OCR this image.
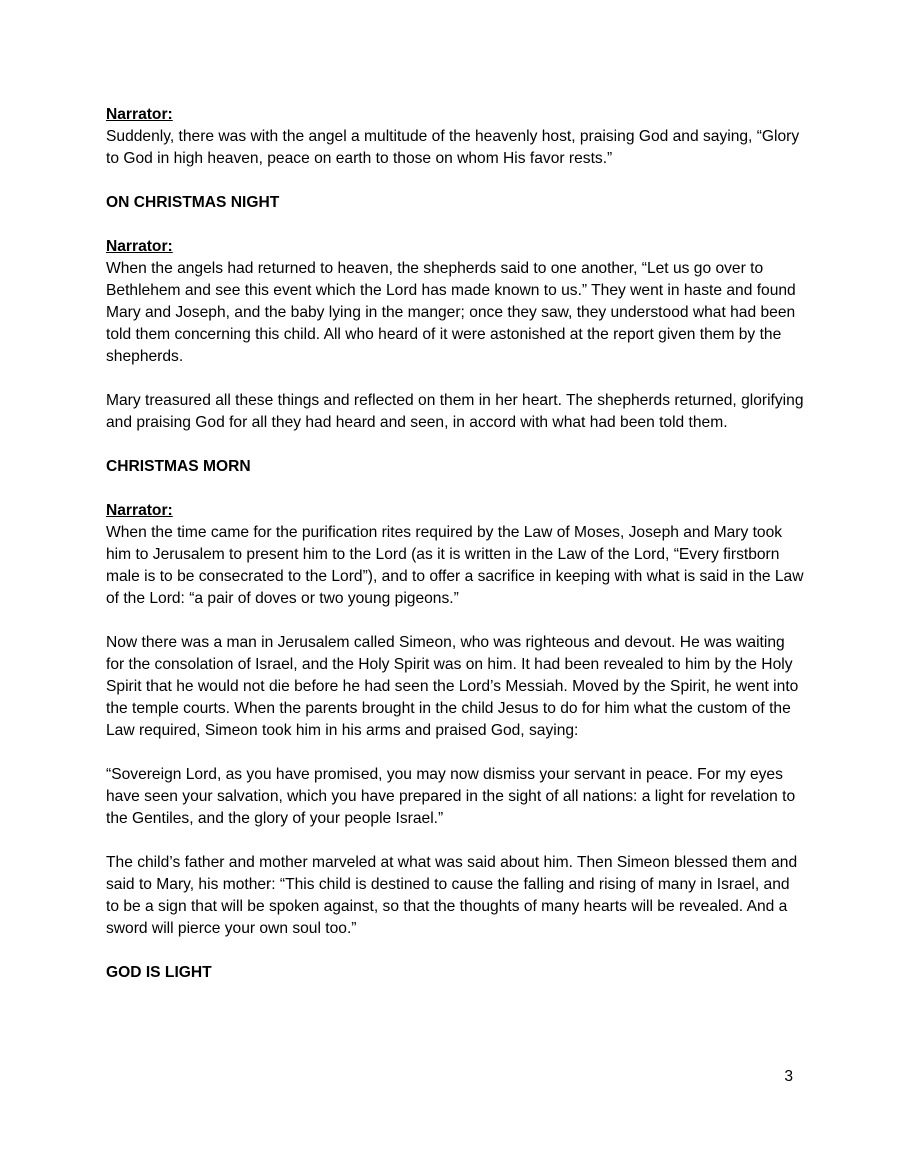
Narrator:
Suddenly, there was with the angel a multitude of the heavenly host, praising God and saying, “Glory to God in high heaven, peace on earth to those on whom His favor rests.”
ON CHRISTMAS NIGHT
Narrator:

When the angels had returned to heaven, the shepherds said to one another, “Let us go over to Bethlehem and see this event which the Lord has made known to us.” They went in haste and found Mary and Joseph, and the baby lying in the manger; once they saw, they understood what had been told them concerning this child. All who heard of it were astonished at the report given them by the shepherds.

Mary treasured all these things and reflected on them in her heart. The shepherds returned, glorifying and praising God for all they had heard and seen, in accord with what had been told them.

CHRISTMAS MORN
Narrator:

When the time came for the purification rites required by the Law of Moses, Joseph and Mary took him to Jerusalem to present him to the Lord (as it is written in the Law of the Lord, “Every firstborn male is to be consecrated to the Lord”), and to offer a sacrifice in keeping with what is said in the Law of the Lord: “a pair of doves or two young pigeons.”

Now there was a man in Jerusalem called Simeon, who was righteous and devout. He was waiting for the consolation of Israel, and the Holy Spirit was on him. It had been revealed to him by the Holy Spirit that he would not die before he had seen the Lord’s Messiah. Moved by the Spirit, he went into the temple courts. When the parents brought in the child Jesus to do for him what the custom of the Law required, Simeon took him in his arms and praised God, saying:

“Sovereign Lord, as you have promised, you may now dismiss your servant in peace. For my eyes have seen your salvation, which you have prepared in the sight of all nations: a light for revelation to the Gentiles, and the glory of your people Israel.”

The child’s father and mother marveled at what was said about him. Then Simeon blessed them and said to Mary, his mother: “This child is destined to cause the falling and rising of many in Israel, and to be a sign that will be spoken against, so that the thoughts of many hearts will be revealed. And a sword will pierce your own soul too.”

GOD IS LIGHT
3
